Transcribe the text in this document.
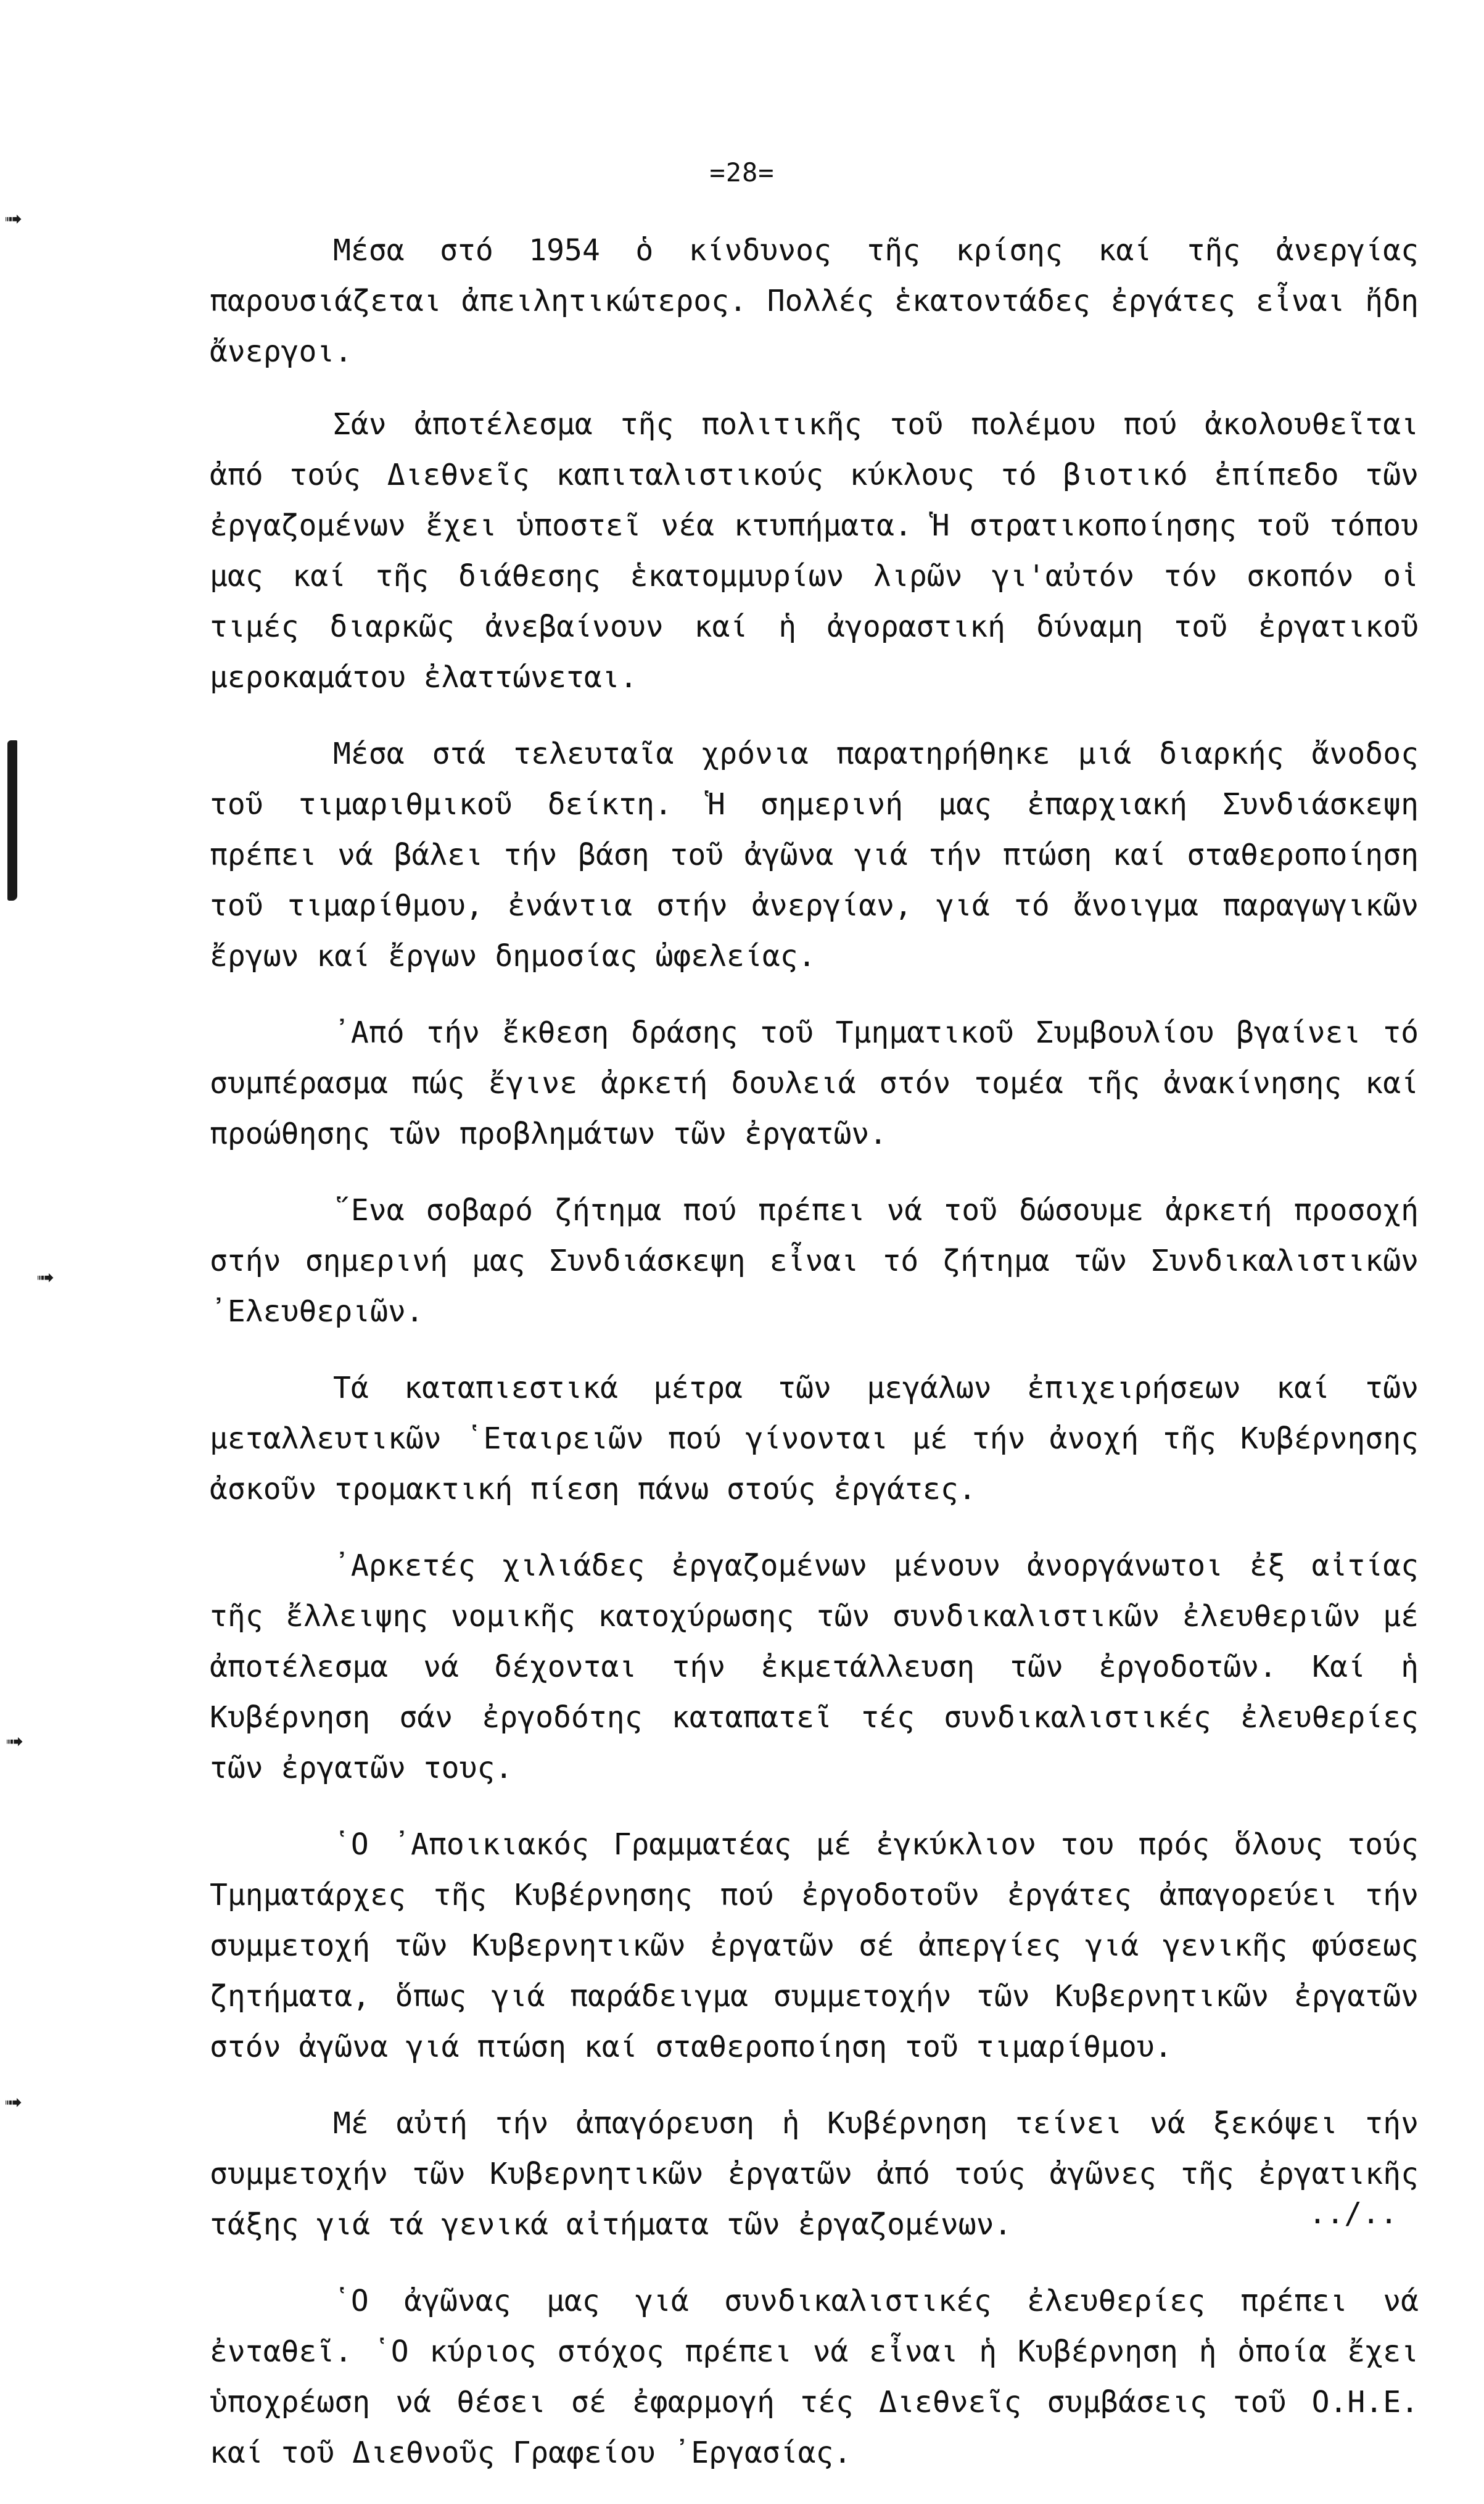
➟
➟
➟
➟
=28=

Μέσα στό 1954 ὁ κίνδυνος τῆς κρίσης καί τῆς ἀνεργίας παρουσιάζεται ἀπειλητικώτερος. Πολλές ἑκατοντάδες ἐργάτες εἶναι ἤδη ἄνεργοι.

Σάν ἀποτέλεσμα τῆς πολιτικῆς τοῦ πολέμου πού ἀκολουθεῖται ἀπό τούς Διεθνεῖς καπιταλιστικούς κύκλους τό βιοτικό ἐπίπεδο τῶν ἐργαζομένων ἔχει ὑποστεῖ νέα κτυπήματα. Ἡ στρατικοποίησης τοῦ τόπου μας καί τῆς διάθεσης ἑκατομμυρίων λιρῶν γι'αὐτόν τόν σκοπόν οἱ τιμές διαρκῶς ἀνεβαίνουν καί ἡ ἀγοραστική δύναμη τοῦ ἐργατικοῦ μεροκαμάτου ἐλαττώνεται.

Μέσα στά τελευταῖα χρόνια παρατηρήθηκε μιά διαρκής ἄνοδος τοῦ τιμαριθμικοῦ δείκτη. Ἡ σημερινή μας ἐπαρχιακή Συνδιάσκεψη πρέπει νά βάλει τήν βάση τοῦ ἀγῶνα γιά τήν πτώση καί σταθεροποίηση τοῦ τιμαρίθμου, ἐνάντια στήν ἀνεργίαν, γιά τό ἄνοιγμα παραγωγικῶν ἔργων καί ἔργων δημοσίας ὠφελείας.

᾿Από τήν ἔκθεση δράσης τοῦ Τμηματικοῦ Συμβουλίου βγαίνει τό συμπέρασμα πώς ἔγινε ἀρκετή δουλειά στόν τομέα τῆς ἀνακίνησης καί προώθησης τῶν προβλημάτων τῶν ἐργατῶν.

῞Ενα σοβαρό ζήτημα πού πρέπει νά τοῦ δώσουμε ἀρκετή προσοχή στήν σημερινή μας Συνδιάσκεψη εἶναι τό ζήτημα τῶν Συνδικαλιστικῶν ᾿Ελευθεριῶν.

Τά καταπιεστικά μέτρα τῶν μεγάλων ἐπιχειρήσεων καί τῶν μεταλλευτικῶν ῾Εταιρειῶν πού γίνονται μέ τήν ἀνοχή τῆς Κυβέρνησης ἀσκοῦν τρομακτική πίεση πάνω στούς ἐργάτες.

᾿Αρκετές χιλιάδες ἐργαζομένων μένουν ἀνοργάνωτοι ἐξ αἰτίας τῆς ἔλλειψης νομικῆς κατοχύρωσης τῶν συνδικαλιστικῶν ἐλευθεριῶν μέ ἀποτέλεσμα νά δέχονται τήν ἐκμετάλλευση τῶν ἐργοδοτῶν. Καί ἡ Κυβέρνηση σάν ἐργοδότης καταπατεῖ τές συνδικαλιστικές ἐλευθερίες τῶν ἐργατῶν τους.

῾Ο ᾿Αποικιακός Γραμματέας μέ ἐγκύκλιον του πρός ὅλους τούς Τμηματάρχες τῆς Κυβέρνησης πού ἐργοδοτοῦν ἐργάτες ἀπαγορεύει τήν συμμετοχή τῶν Κυβερνητικῶν ἐργατῶν σέ ἀπεργίες γιά γενικῆς φύσεως ζητήματα, ὅπως γιά παράδειγμα συμμετοχήν τῶν Κυβερνητικῶν ἐργατῶν στόν ἀγῶνα γιά πτώση καί σταθεροποίηση τοῦ τιμαρίθμου.

Μέ αὐτή τήν ἀπαγόρευση ἡ Κυβέρνηση τείνει νά ξεκόψει τήν συμμετοχήν τῶν Κυβερνητικῶν ἐργατῶν ἀπό τούς ἀγῶνες τῆς ἐργατικῆς τάξης γιά τά γενικά αἰτήματα τῶν ἐργαζομένων.

῾Ο ἀγῶνας μας γιά συνδικαλιστικές ἐλευθερίες πρέπει νά ἐνταθεῖ. ῾Ο κύριος στόχος πρέπει νά εἶναι ἡ Κυβέρνηση ἡ ὁποία ἔχει ὑποχρέωση νά θέσει σέ ἐφαρμογή τές Διεθνεῖς συμβάσεις τοῦ Ο.Η.Ε. καί τοῦ Διεθνοῦς Γραφείου ᾿Εργασίας.

../..
